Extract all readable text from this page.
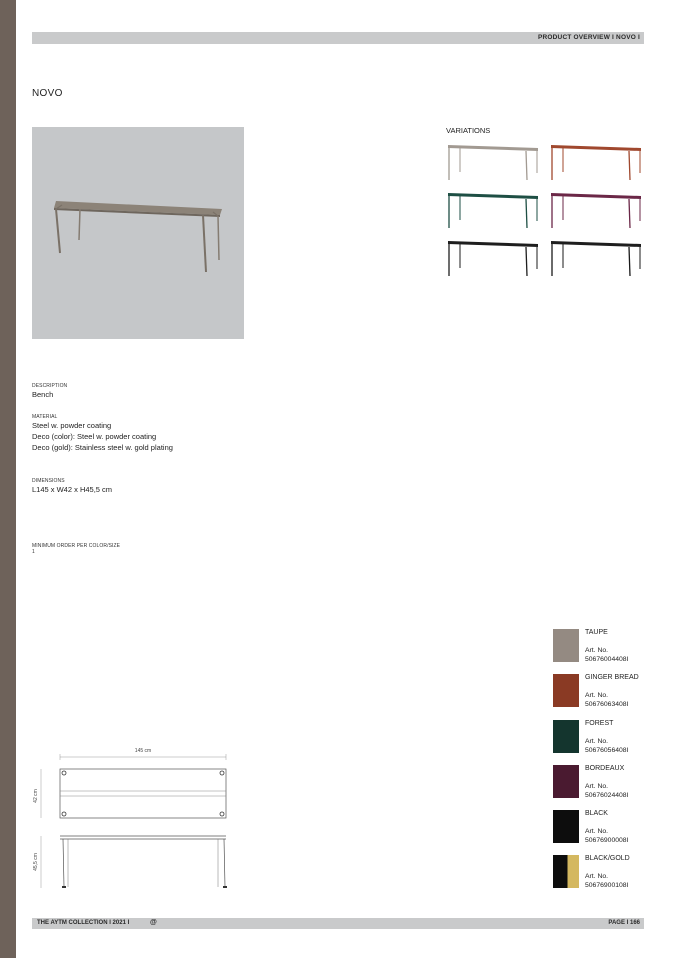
PRODUCT OVERVIEW I NOVO I
NOVO
VARIATIONS
DESCRIPTION
Bench
MATERIAL
Steel w. powder coating
Deco (color): Steel w. powder coating
Deco (gold): Stainless steel w. gold plating
DIMENSIONS
L145 x W42 x H45,5 cm
MINIMUM ORDER PER COLOR/SIZE
1
145 cm
42 cm
45,5 cm
TAUPE
Art. No.
50676004408I
GINGER BREAD
Art. No.
50676063408I
FOREST
Art. No.
50676056408I
BORDEAUX
Art. No.
50676024408I
BLACK
Art. No.
50676900008I
BLACK/GOLD
Art. No.
50676900108I
THE AYTM COLLECTION I 2021 I	@	PAGE I 166
